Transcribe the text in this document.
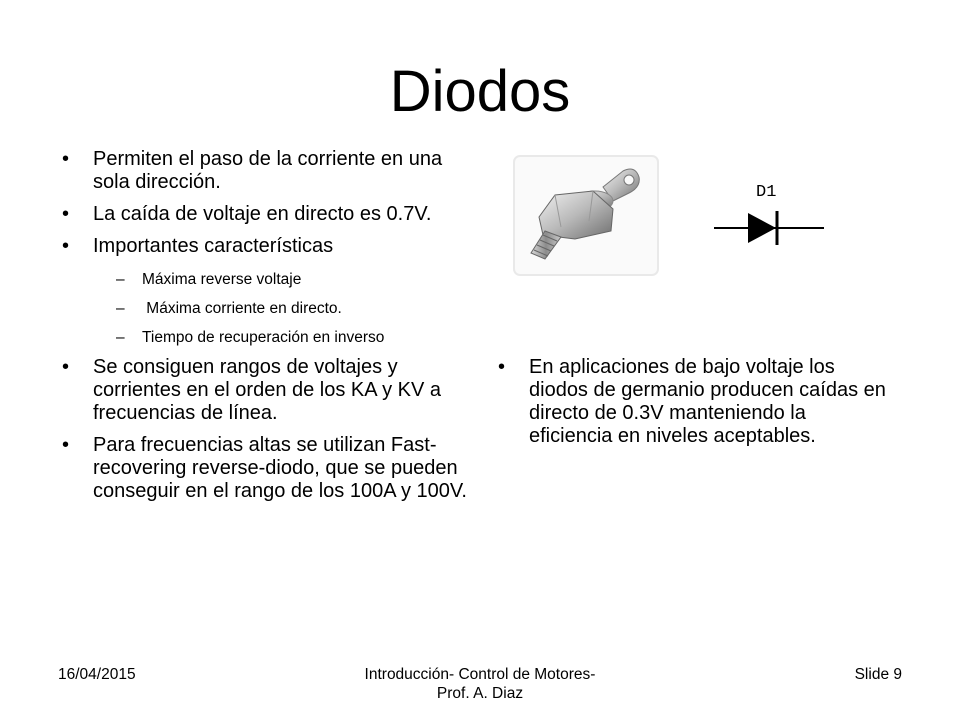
Diodos
• Permiten el paso de la corriente en una sola dirección.
• La caída de voltaje en directo es 0.7V.
• Importantes características
– Máxima reverse voltaje
– Máxima corriente en directo.
– Tiempo de recuperación en inverso
• Se consiguen rangos de voltajes y corrientes en el orden de los KA y KV a frecuencias de línea.
• Para frecuencias altas se utilizan Fast-recovering reverse-diodo, que se pueden conseguir en el rango de los 100A y 100V.
D1
• En aplicaciones de bajo voltaje los diodos de germanio producen caídas en directo de 0.3V manteniendo la eficiencia en niveles aceptables.
16/04/2015	Introducción- Control de Motores-
Prof. A. Diaz
Slide 9
